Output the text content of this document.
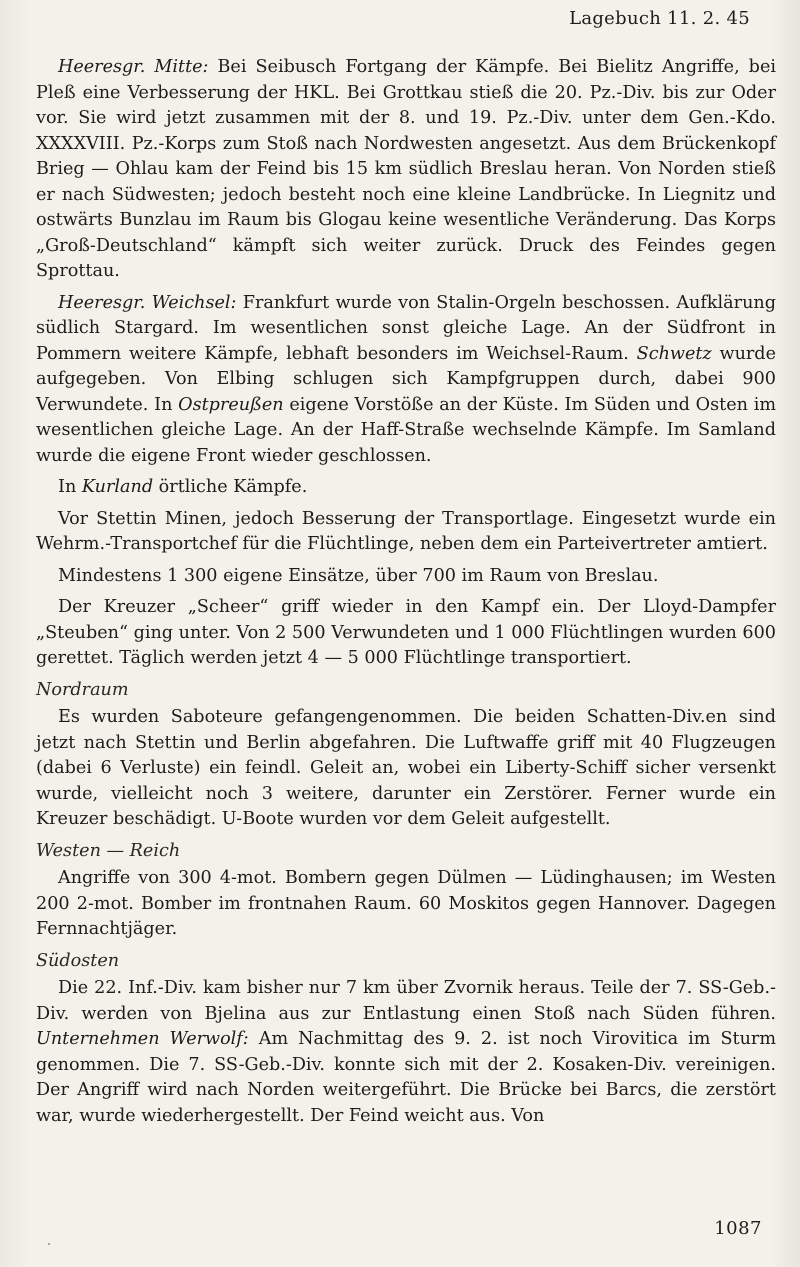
Lagebuch 11. 2. 45

Heeresgr. Mitte: Bei Seibusch Fortgang der Kämpfe. Bei Bielitz Angriffe, bei Pleß eine Verbesserung der HKL. Bei Grottkau stieß die 20. Pz.-Div. bis zur Oder vor. Sie wird jetzt zusammen mit der 8. und 19. Pz.-Div. unter dem Gen.-Kdo. XXXXVIII. Pz.-Korps zum Stoß nach Nordwesten angesetzt. Aus dem Brückenkopf Brieg — Ohlau kam der Feind bis 15 km südlich Breslau heran. Von Norden stieß er nach Südwesten; jedoch besteht noch eine kleine Landbrücke. In Liegnitz und ostwärts Bunzlau im Raum bis Glogau keine wesentliche Veränderung. Das Korps „Groß-Deutschland“ kämpft sich weiter zurück. Druck des Feindes gegen Sprottau.

Heeresgr. Weichsel: Frankfurt wurde von Stalin-Orgeln beschossen. Aufklärung südlich Stargard. Im wesentlichen sonst gleiche Lage. An der Südfront in Pommern weitere Kämpfe, lebhaft besonders im Weichsel-Raum. Schwetz wurde aufgegeben. Von Elbing schlugen sich Kampfgruppen durch, dabei 900 Verwundete. In Ostpreußen eigene Vorstöße an der Küste. Im Süden und Osten im wesentlichen gleiche Lage. An der Haff-Straße wechselnde Kämpfe. Im Samland wurde die eigene Front wieder geschlossen.

In Kurland örtliche Kämpfe.

Vor Stettin Minen, jedoch Besserung der Transportlage. Eingesetzt wurde ein Wehrm.-Transportchef für die Flüchtlinge, neben dem ein Parteivertreter amtiert.

Mindestens 1 300 eigene Einsätze, über 700 im Raum von Breslau.

Der Kreuzer „Scheer“ griff wieder in den Kampf ein. Der Lloyd-Dampfer „Steuben“ ging unter. Von 2 500 Verwundeten und 1 000 Flüchtlingen wurden 600 gerettet. Täglich werden jetzt 4 — 5 000 Flüchtlinge transportiert.

Nordraum

Es wurden Saboteure gefangengenommen. Die beiden Schatten-Div.en sind jetzt nach Stettin und Berlin abgefahren. Die Luftwaffe griff mit 40 Flugzeugen (dabei 6 Verluste) ein feindl. Geleit an, wobei ein Liberty-Schiff sicher versenkt wurde, vielleicht noch 3 weitere, darunter ein Zerstörer. Ferner wurde ein Kreuzer beschädigt. U-Boote wurden vor dem Geleit aufgestellt.

Westen — Reich

Angriffe von 300 4-mot. Bombern gegen Dülmen — Lüdinghausen; im Westen 200 2-mot. Bomber im frontnahen Raum. 60 Moskitos gegen Hannover. Dagegen Fernnachtjäger.

Südosten

Die 22. Inf.-Div. kam bisher nur 7 km über Zvornik heraus. Teile der 7. SS-Geb.-Div. werden von Bjelina aus zur Entlastung einen Stoß nach Süden führen. Unternehmen Werwolf: Am Nachmittag des 9. 2. ist noch Virovitica im Sturm genommen. Die 7. SS-Geb.-Div. konnte sich mit der 2. Kosaken-Div. vereinigen. Der Angriff wird nach Norden weitergeführt. Die Brücke bei Barcs, die zerstört war, wurde wiederhergestellt. Der Feind weicht aus. Von

1087
